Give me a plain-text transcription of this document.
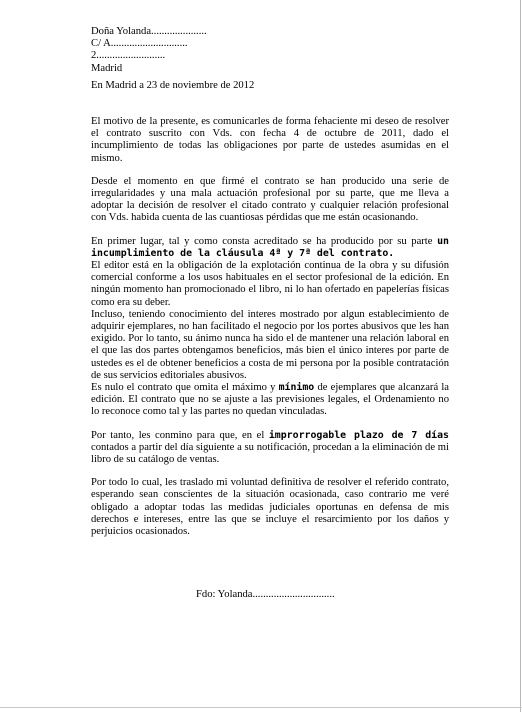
Doña Yolanda.....................
C/ A.............................
2..........................
Madrid
En Madrid a 23 de noviembre de 2012

El motivo de la presente, es comunicarles de forma fehaciente mi deseo de resolver el contrato suscrito con Vds. con fecha 4 de octubre de 2011, dado el incumplimiento de todas las obligaciones por parte de ustedes asumidas en el mismo.

Desde el momento en que firmé el contrato se han producido una serie de irregularidades y una mala actuación profesional por su parte, que me lleva a adoptar la decisión de resolver el citado contrato y cualquier relación profesional con Vds. habida cuenta de las cuantiosas pérdidas que me están ocasionando.

En primer lugar, tal y como consta acreditado se ha producido por su parte un incumplimiento de la cláusula 4ª y 7ª del contrato.
El editor está en la obligación de la explotación continua de la obra y su difusión comercial conforme a los usos habituales en el sector profesional de la edición. En ningún momento han promocionado el libro, ni lo han ofertado en papelerías físicas como era su deber.
Incluso, teniendo conocimiento del interes mostrado por algun establecimiento de adquirir ejemplares, no han facilitado el negocio por los portes abusivos que les han exigido. Por lo tanto, su ánimo nunca ha sido el de mantener una relación laboral en el que las dos partes obtengamos beneficios, más bien el único interes por parte de ustedes es el de obtener beneficios a costa de mi persona por la posible contratación de sus servicios editoriales abusivos.
Es nulo el contrato que omita el máximo y mínimo de ejemplares que alcanzará la edición. El contrato que no se ajuste a las previsiones legales, el Ordenamiento no lo reconoce como tal y las partes no quedan vinculadas.

Por tanto, les conmino para que, en el improrrogable plazo de 7 días contados a partir del día siguiente a su notificación, procedan a la eliminación de mi libro de su catálogo de ventas.

Por todo lo cual, les traslado mi voluntad definitiva de resolver el referido contrato, esperando sean conscientes de la situación ocasionada, caso contrario me veré obligado a adoptar todas las medidas judiciales oportunas en defensa de mis derechos e intereses, entre las que se incluye el resarcimiento por los daños y perjuicios ocasionados.

Fdo: Yolanda...............................
